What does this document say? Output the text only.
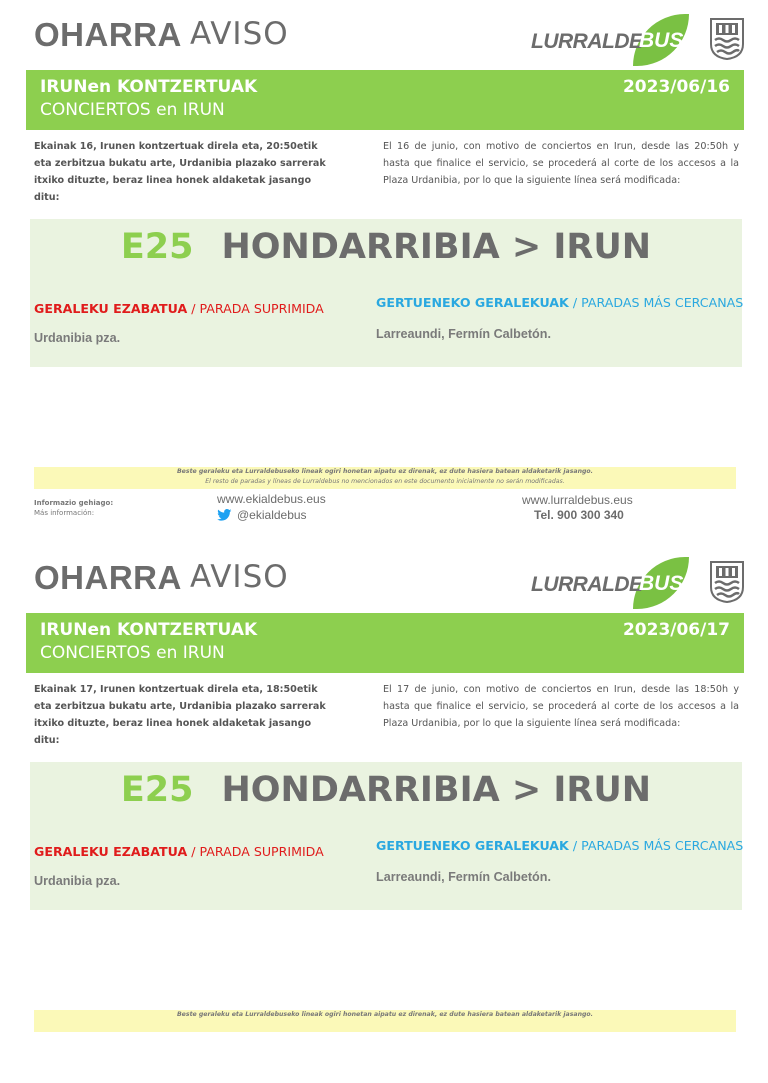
OHARRA AVISO	LURRALDE
BUS
IRUNen KONTZERTUAK
CONCIERTOS en IRUN
2023/06/16
Ekainak 16, Irunen kontzertuak direla eta, 20:50etik eta zerbitzua bukatu arte, Urdanibia plazako sarrerak itxiko dituzte, beraz linea honek aldaketak jasango ditu:
El 16 de junio, con motivo de conciertos en Irun, desde las 20:50h y hasta que finalice el servicio, se procederá al corte de los accesos a la Plaza Urdanibia, por lo que la siguiente línea será modificada:
E25 HONDARRIBIA > IRUN
GERALEKU EZABATUA / PARADA SUPRIMIDA
Urdanibia pza.
GERTUENEKO GERALEKUAK / PARADAS MÁS CERCANAS
Larreaundi, Fermín Calbetón.
Beste geraleku eta Lurraldebuseko lineak ogiri honetan aipatu ez direnak, ez dute hasiera batean aldaketarik jasango.
El resto de paradas y líneas de Lurraldebus no mencionados en este documento inicialmente no serán modificadas.
Informazio gehiago:
Más información:
www.ekialdebus.eus
@ekialdebus
www.lurraldebus.eus
Tel. 900 300 340
OHARRA AVISO	LURRALDE
BUS
IRUNen KONTZERTUAK
CONCIERTOS en IRUN
2023/06/17
Ekainak 17, Irunen kontzertuak direla eta, 18:50etik eta zerbitzua bukatu arte, Urdanibia plazako sarrerak itxiko dituzte, beraz linea honek aldaketak jasango ditu:
El 17 de junio, con motivo de conciertos en Irun, desde las 18:50h y hasta que finalice el servicio, se procederá al corte de los accesos a la Plaza Urdanibia, por lo que la siguiente línea será modificada:
E25 HONDARRIBIA > IRUN
GERALEKU EZABATUA / PARADA SUPRIMIDA
Urdanibia pza.
GERTUENEKO GERALEKUAK / PARADAS MÁS CERCANAS
Larreaundi, Fermín Calbetón.
Beste geraleku eta Lurraldebuseko lineak ogiri honetan aipatu ez direnak, ez dute hasiera batean aldaketarik jasango.
